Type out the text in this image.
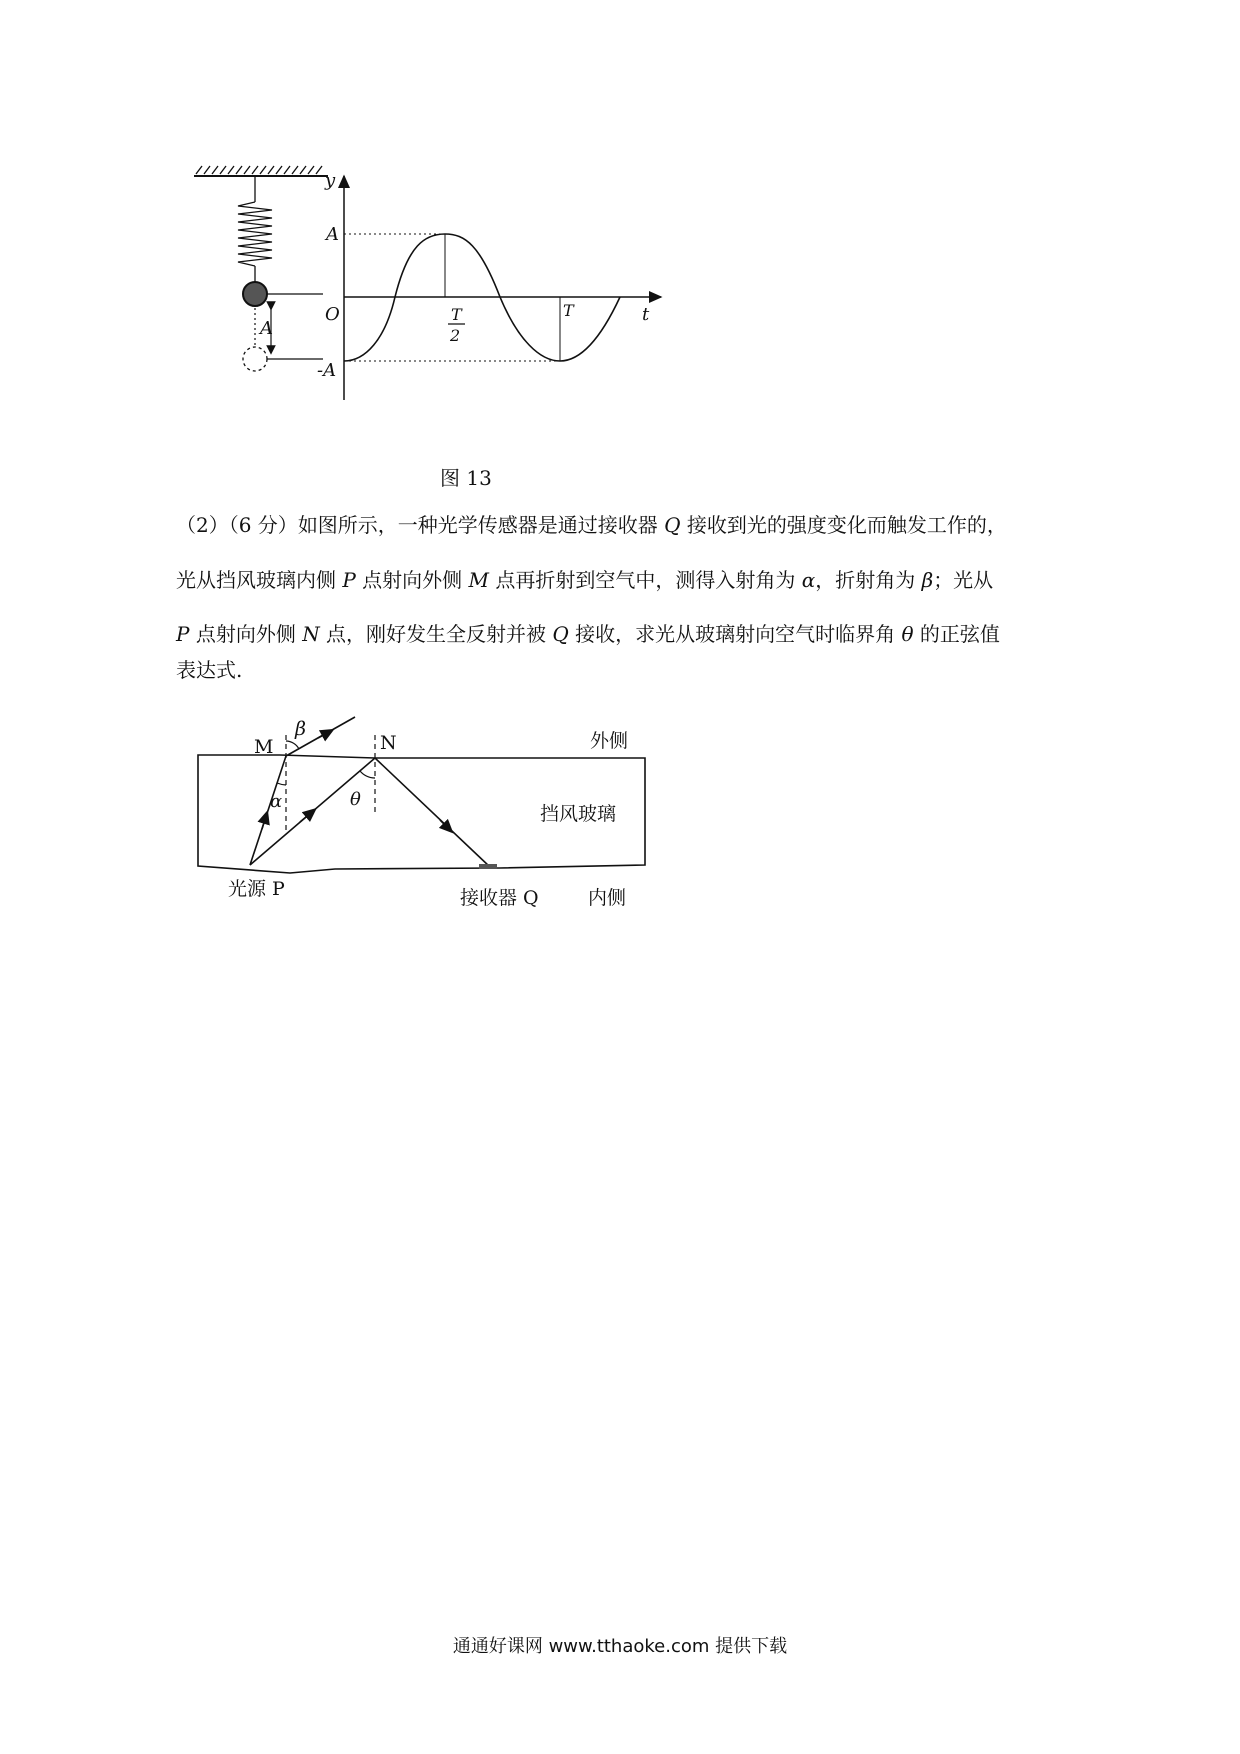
A
y
t
O
A
-A
T
2
T
图 13
（2）（6 分）如图所示，一种光学传感器是通过接收器 Q 接收到光的强度变化而触发工作的，
光从挡风玻璃内侧 P 点射向外侧 M 点再折射到空气中，测得入射角为 α，折射角为 β；光从
P 点射向外侧 N 点，刚好发生全反射并被 Q 接收，求光从玻璃射向空气时临界角 θ 的正弦值
表达式.
M	N
β
α	θ
外侧
挡风玻璃
光源 P	接收器 Q	内侧
通通好课网 www.tthaoke.com 提供下载
